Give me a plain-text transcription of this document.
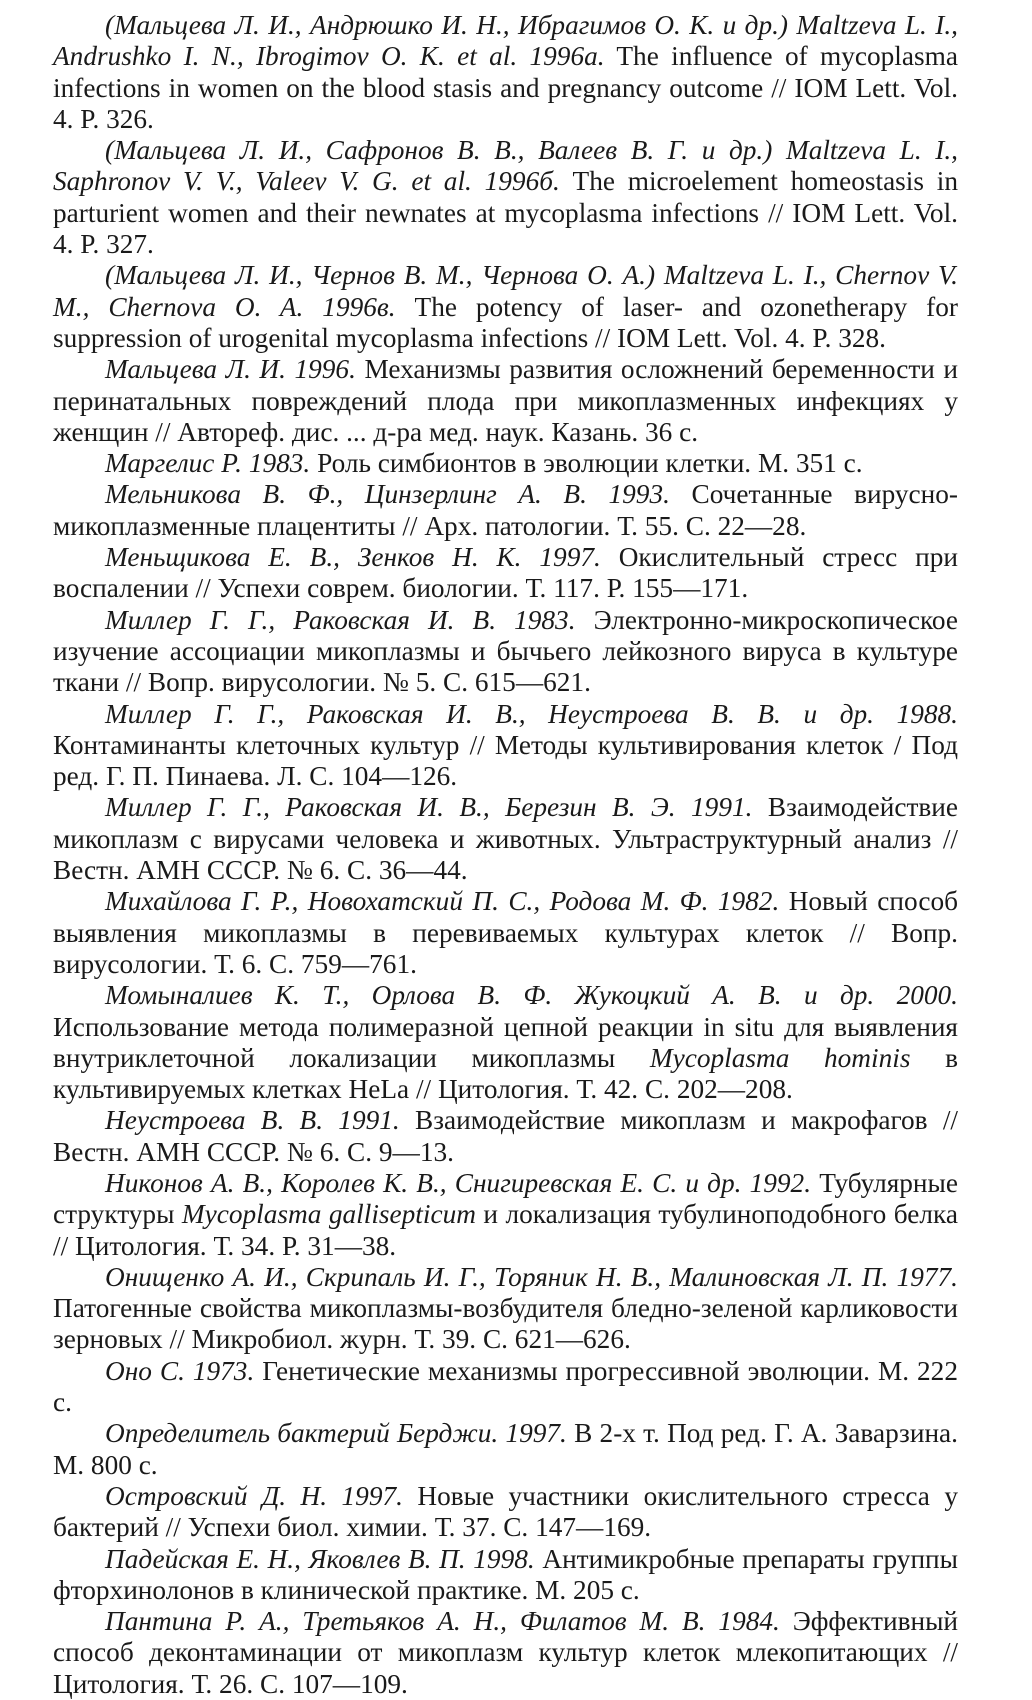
(Мальцева Л. И., Андрюшко И. Н., Ибрагимов О. К. и др.) Maltzeva L. I., Andrushko I. N., Ibrogimov O. K. et al. 1996a. The influence of mycoplasma infections in women on the blood stasis and pregnancy outcome // IOM Lett. Vol. 4. P. 326.

(Мальцева Л. И., Сафронов В. В., Валеев В. Г. и др.) Maltzeva L. I., Saphronov V. V., Valeev V. G. et al. 1996б. The microelement homeostasis in parturient women and their newnates at mycoplasma infections // IOM Lett. Vol. 4. P. 327.

(Мальцева Л. И., Чернов В. М., Чернова О. А.) Maltzeva L. I., Chernov V. M., Chernova O. A. 1996в. The potency of laser- and ozonetherapy for suppression of urogenital mycoplasma infections // IOM Lett. Vol. 4. P. 328.

Мальцева Л. И. 1996. Механизмы развития осложнений беременности и перинатальных повреждений плода при микоплазменных инфекциях у женщин // Автореф. дис. ... д-ра мед. наук. Казань. 36 с.

Маргелис Р. 1983. Роль симбионтов в эволюции клетки. М. 351 с.

Мельникова В. Ф., Цинзерлинг А. В. 1993. Сочетанные вирусно-микоплазменные плацентиты // Арх. патологии. Т. 55. С. 22—28.

Меньщикова Е. В., Зенков Н. К. 1997. Окислительный стресс при воспалении // Успехи соврем. биологии. Т. 117. Р. 155—171.

Миллер Г. Г., Раковская И. В. 1983. Электронно-микроскопическое изучение ассоциации микоплазмы и бычьего лейкозного вируса в культуре ткани // Вопр. вирусологии. № 5. С. 615—621.

Миллер Г. Г., Раковская И. В., Неустроева В. В. и др. 1988. Контаминанты клеточных культур // Методы культивирования клеток / Под ред. Г. П. Пинаева. Л. С. 104—126.

Миллер Г. Г., Раковская И. В., Березин В. Э. 1991. Взаимодействие микоплазм с вирусами человека и животных. Ультраструктурный анализ // Вестн. АМН СССР. № 6. С. 36—44.

Михайлова Г. Р., Новохатский П. С., Родова М. Ф. 1982. Новый способ выявления микоплазмы в перевиваемых культурах клеток // Вопр. вирусологии. Т. 6. С. 759—761.

Момыналиев К. Т., Орлова В. Ф. Жукоцкий А. В. и др. 2000. Использование метода полимеразной цепной реакции in situ для выявления внутриклеточной локализации микоплазмы Mycoplasma hominis в культивируемых клетках HeLa // Цитология. Т. 42. С. 202—208.

Неустроева В. В. 1991. Взаимодействие микоплазм и макрофагов // Вестн. АМН СССР. № 6. С. 9—13.

Никонов А. В., Королев К. В., Снигиревская Е. С. и др. 1992. Тубулярные структуры Mycoplasma gallisepticum и локализация тубулиноподобного белка // Цитология. Т. 34. Р. 31—38.

Онищенко А. И., Скрипаль И. Г., Торяник Н. В., Малиновская Л. П. 1977. Патогенные свойства микоплазмы-возбудителя бледно-зеленой карликовости зерновых // Микробиол. журн. Т. 39. С. 621—626.

Оно С. 1973. Генетические механизмы прогрессивной эволюции. М. 222 с.

Определитель бактерий Берджи. 1997. В 2-х т. Под ред. Г. А. Заварзина. М. 800 с.

Островский Д. Н. 1997. Новые участники окислительного стресса у бактерий // Успехи биол. химии. Т. 37. С. 147—169.

Падейская Е. Н., Яковлев В. П. 1998. Антимикробные препараты группы фторхинолонов в клинической практике. М. 205 с.

Пантина Р. А., Третьяков А. Н., Филатов М. В. 1984. Эффективный способ деконтаминации от микоплазм культур клеток млекопитающих // Цитология. Т. 26. С. 107—109.
